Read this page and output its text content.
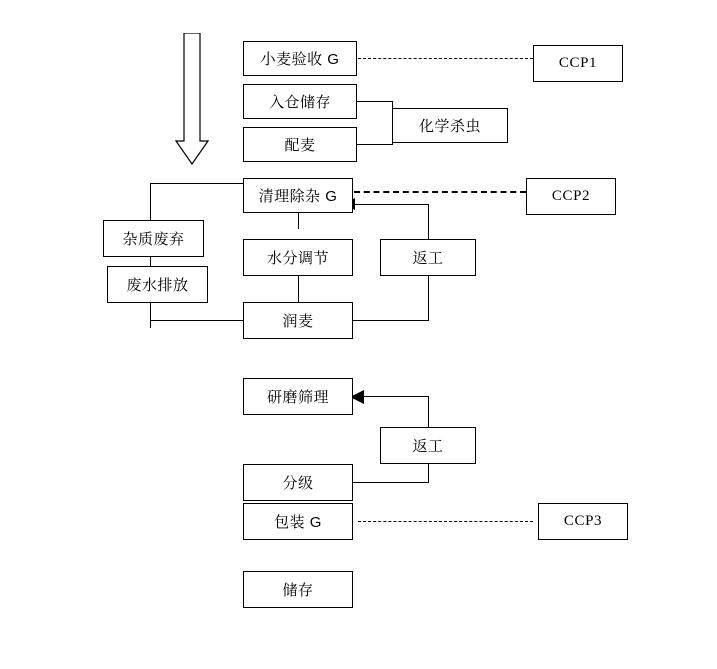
小麦验收 G
入仓储存
化学杀虫
配麦
清理除杂 G
杂质废弃
废水排放
水分调节	返工
润麦
研磨筛理
返工
分级
包装 G
储存
CCP1
CCP2
CCP3
